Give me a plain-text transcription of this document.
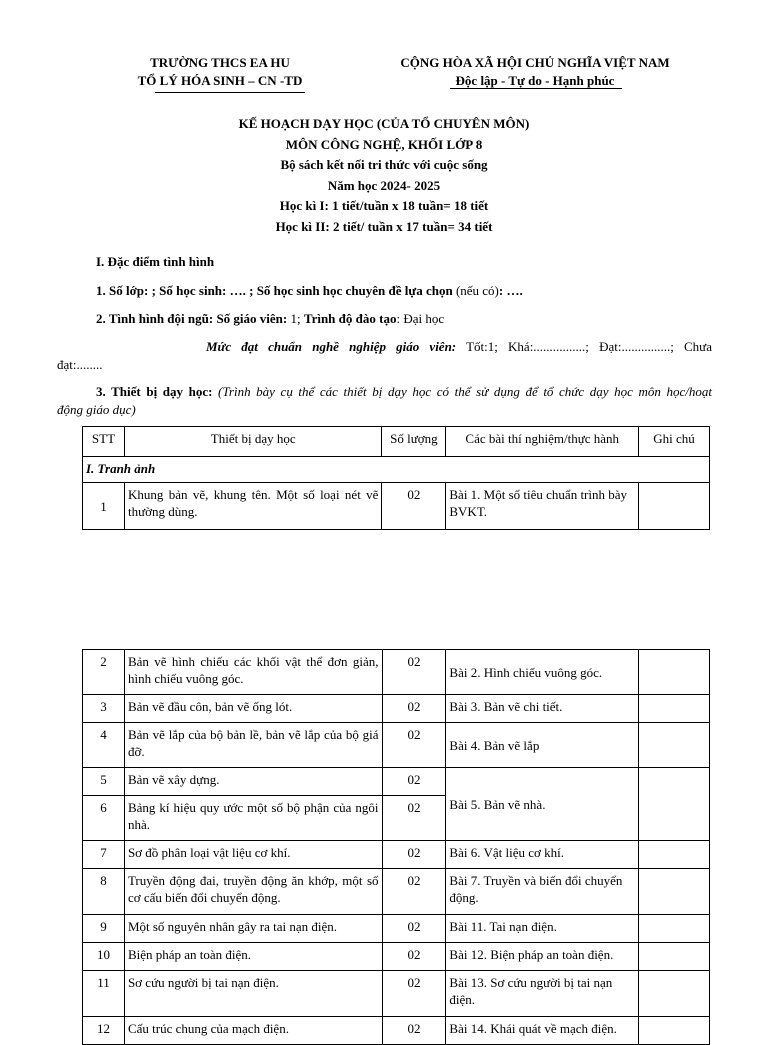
TRƯỜNG THCS EA HU
TỔ LÝ HÓA SINH – CN -TD
CỘNG HÒA XÃ HỘI CHỦ NGHĨA VIỆT NAM
Độc lập - Tự do - Hạnh phúc
KẾ HOẠCH DẠY HỌC (CỦA TỔ CHUYÊN MÔN)
MÔN CÔNG NGHỆ, KHỐI LỚP 8
Bộ sách kết nối tri thức với cuộc sống
Năm học 2024- 2025
Học kì I: 1 tiết/tuần x 18 tuần= 18 tiết
Học kì II: 2 tiết/ tuần x 17 tuần= 34 tiết
I. Đặc điểm tình hình
1. Số lớp: ; Số học sinh: …. ; Số học sinh học chuyên đề lựa chọn (nếu có): ….
2. Tình hình đội ngũ: Số giáo viên: 1; Trình độ đào tạo: Đại học
Mức đạt chuẩn nghề nghiệp giáo viên: Tốt:1; Khá:................; Đạt:...............; Chưa
đạt:........
3. Thiết bị dạy học: (Trình bày cụ thể các thiết bị dạy học có thể sử dụng để tổ chức dạy học môn học/hoạt
động giáo dục)
STT	Thiết bị dạy học	Số lượng	Các bài thí nghiệm/thực hành	Ghi chú
I. Tranh ảnh				
1	Khung bản vẽ, khung tên. Một số loại nét vẽ thường dùng.	02	Bài 1. Một số tiêu chuẩn trình bày BVKT.	
2	Bản vẽ hình chiếu các khối vật thể đơn giản, hình chiếu vuông góc.	02	Bài 2. Hình chiếu vuông góc.	
3	Bản vẽ đầu côn, bản vẽ ống lót.	02	Bài 3. Bản vẽ chi tiết.	
4	Bản vẽ lắp của bộ bản lề, bản vẽ lắp của bộ giá đỡ.	02	Bài 4. Bản vẽ lắp	
5	Bản vẽ xây dựng.	02	Bài 5. Bản vẽ nhà.	
6	Bảng kí hiệu quy ước một số bộ phận của ngôi nhà.	02		
7	Sơ đồ phân loại vật liệu cơ khí.	02	Bài 6. Vật liệu cơ khí.	
8	Truyền động đai, truyền động ăn khớp, một số cơ cấu biến đổi chuyển động.	02	Bài 7. Truyền và biến đổi chuyển động.	
9	Một số nguyên nhân gây ra tai nạn điện.	02	Bài 11. Tai nạn điện.	
10	Biện pháp an toàn điện.	02	Bài 12. Biện pháp an toàn điện.	
11	Sơ cứu người bị tai nạn điện.	02	Bài 13. Sơ cứu người bị tai nạn điện.	
12	Cấu trúc chung của mạch điện.	02	Bài 14. Khái quát về mạch điện.	
